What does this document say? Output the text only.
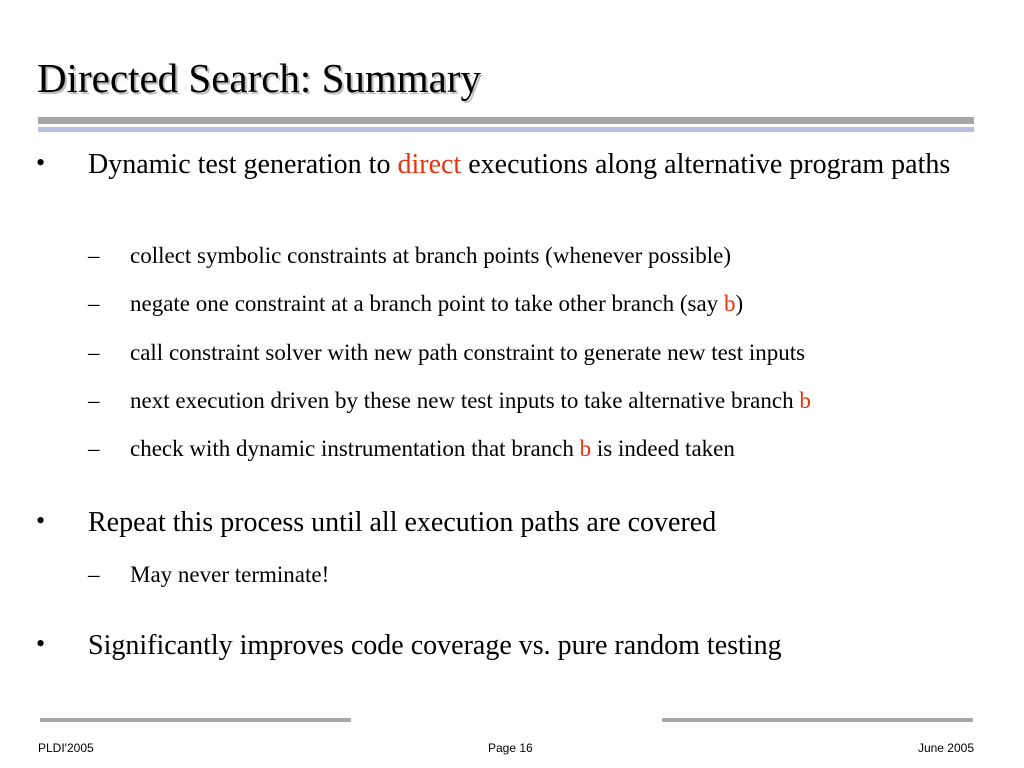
Directed Search: Summary
• Dynamic test generation to direct executions along alternative program paths
– collect symbolic constraints at branch points (whenever possible)
– negate one constraint at a branch point to take other branch (say b)
– call constraint solver with new path constraint to generate new test inputs
– next execution driven by these new test inputs to take alternative branch b
– check with dynamic instrumentation that branch b is indeed taken
• Repeat this process until all execution paths are covered
– May never terminate!
• Significantly improves code coverage vs. pure random testing
PLDI'2005	Page 16	June 2005
